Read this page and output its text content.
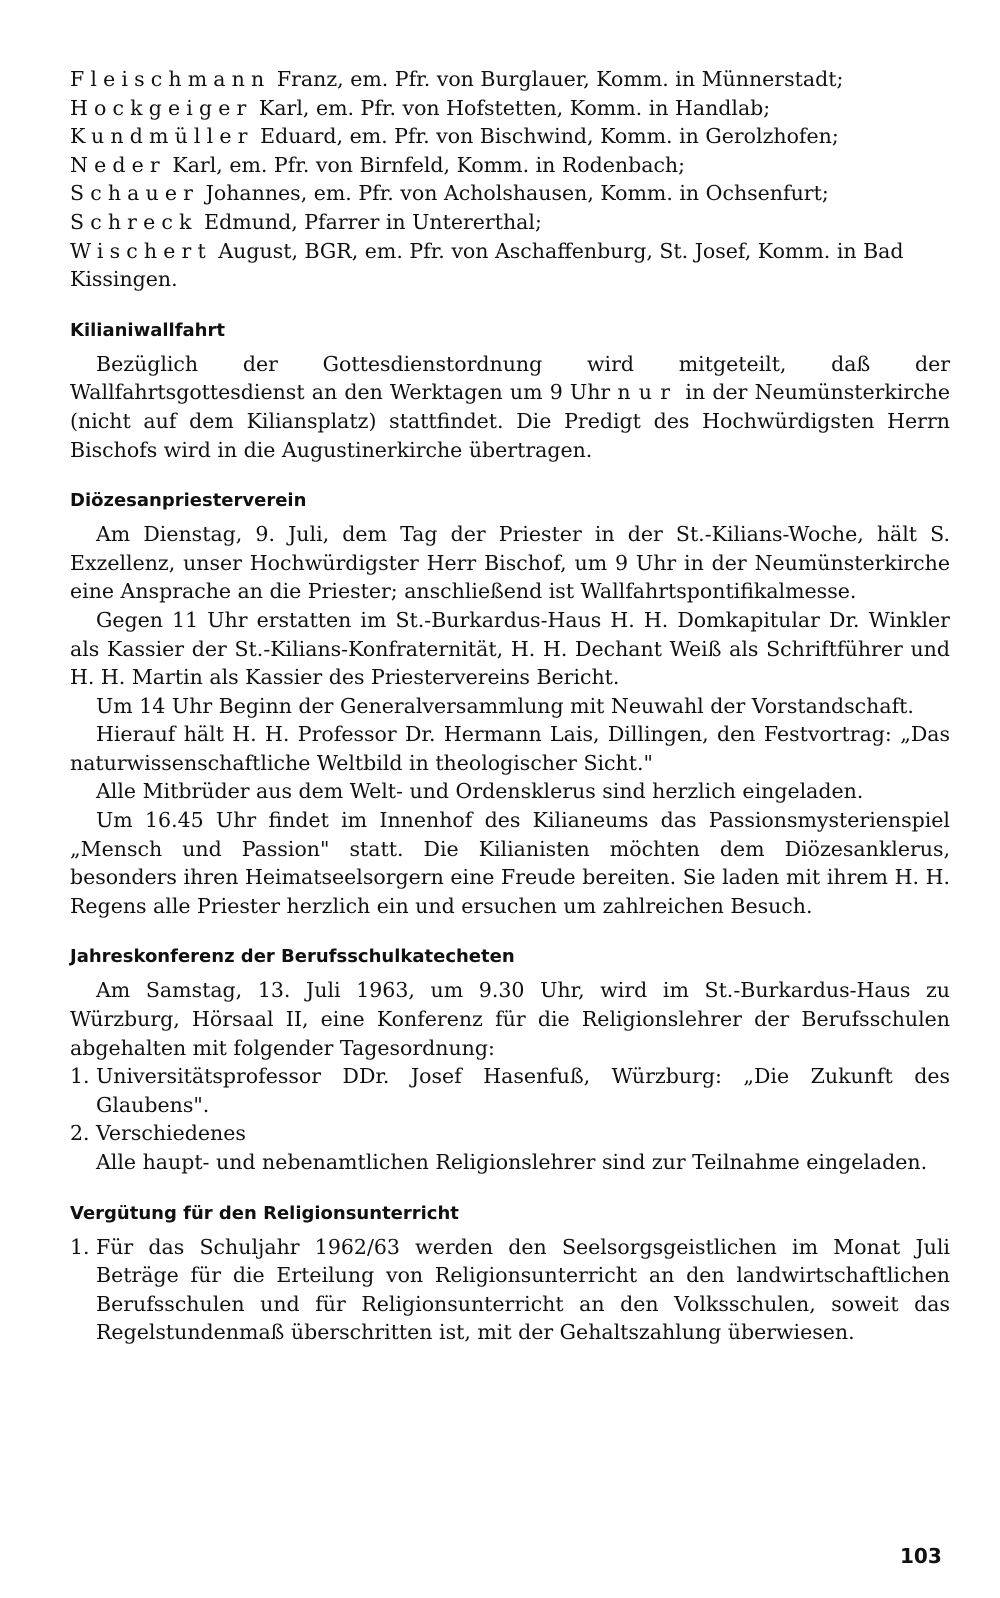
Fleischmann Franz, em. Pfr. von Burglauer, Komm. in Münnerstadt;

Hockgeiger Karl, em. Pfr. von Hofstetten, Komm. in Handlab;

Kundmüller Eduard, em. Pfr. von Bischwind, Komm. in Gerolzhofen;

Neder Karl, em. Pfr. von Birnfeld, Komm. in Rodenbach;

Schauer Johannes, em. Pfr. von Acholshausen, Komm. in Ochsenfurt;

Schreck Edmund, Pfarrer in Untererthal;

Wischert August, BGR, em. Pfr. von Aschaffenburg, St. Josef, Komm. in Bad Kissingen.

Kilianiwallfahrt

Bezüglich der Gottesdienstordnung wird mitgeteilt, daß der Wallfahrtsgottesdienst an den Werktagen um 9 Uhr nur in der Neumünsterkirche (nicht auf dem Kiliansplatz) stattfindet. Die Predigt des Hochwürdigsten Herrn Bischofs wird in die Augustinerkirche übertragen.

Diözesanpriesterverein

Am Dienstag, 9. Juli, dem Tag der Priester in der St.-Kilians-Woche, hält S. Exzellenz, unser Hochwürdigster Herr Bischof, um 9 Uhr in der Neumünsterkirche eine Ansprache an die Priester; anschließend ist Wallfahrtspontifikalmesse.

Gegen 11 Uhr erstatten im St.-Burkardus-Haus H. H. Domkapitular Dr. Winkler als Kassier der St.-Kilians-Konfraternität, H. H. Dechant Weiß als Schriftführer und H. H. Martin als Kassier des Priestervereins Bericht.

Um 14 Uhr Beginn der Generalversammlung mit Neuwahl der Vorstandschaft.

Hierauf hält H. H. Professor Dr. Hermann Lais, Dillingen, den Festvortrag: „Das naturwissenschaftliche Weltbild in theologischer Sicht."

Alle Mitbrüder aus dem Welt- und Ordensklerus sind herzlich eingeladen.

Um 16.45 Uhr findet im Innenhof des Kilianeums das Passionsmysterienspiel „Mensch und Passion" statt. Die Kilianisten möchten dem Diözesanklerus, besonders ihren Heimatseelsorgern eine Freude bereiten. Sie laden mit ihrem H. H. Regens alle Priester herzlich ein und ersuchen um zahlreichen Besuch.

Jahreskonferenz der Berufsschulkatecheten

Am Samstag, 13. Juli 1963, um 9.30 Uhr, wird im St.-Burkardus-Haus zu Würzburg, Hörsaal II, eine Konferenz für die Religionslehrer der Berufsschulen abgehalten mit folgender Tagesordnung:

1. Universitätsprofessor DDr. Josef Hasenfuß, Würzburg: „Die Zukunft des Glaubens".

2. Verschiedenes

Alle haupt- und nebenamtlichen Religionslehrer sind zur Teilnahme eingeladen.

Vergütung für den Religionsunterricht

1. Für das Schuljahr 1962/63 werden den Seelsorgsgeistlichen im Monat Juli Beträge für die Erteilung von Religionsunterricht an den landwirtschaftlichen Berufsschulen und für Religionsunterricht an den Volksschulen, soweit das Regelstundenmaß überschritten ist, mit der Gehaltszahlung überwiesen.

103
